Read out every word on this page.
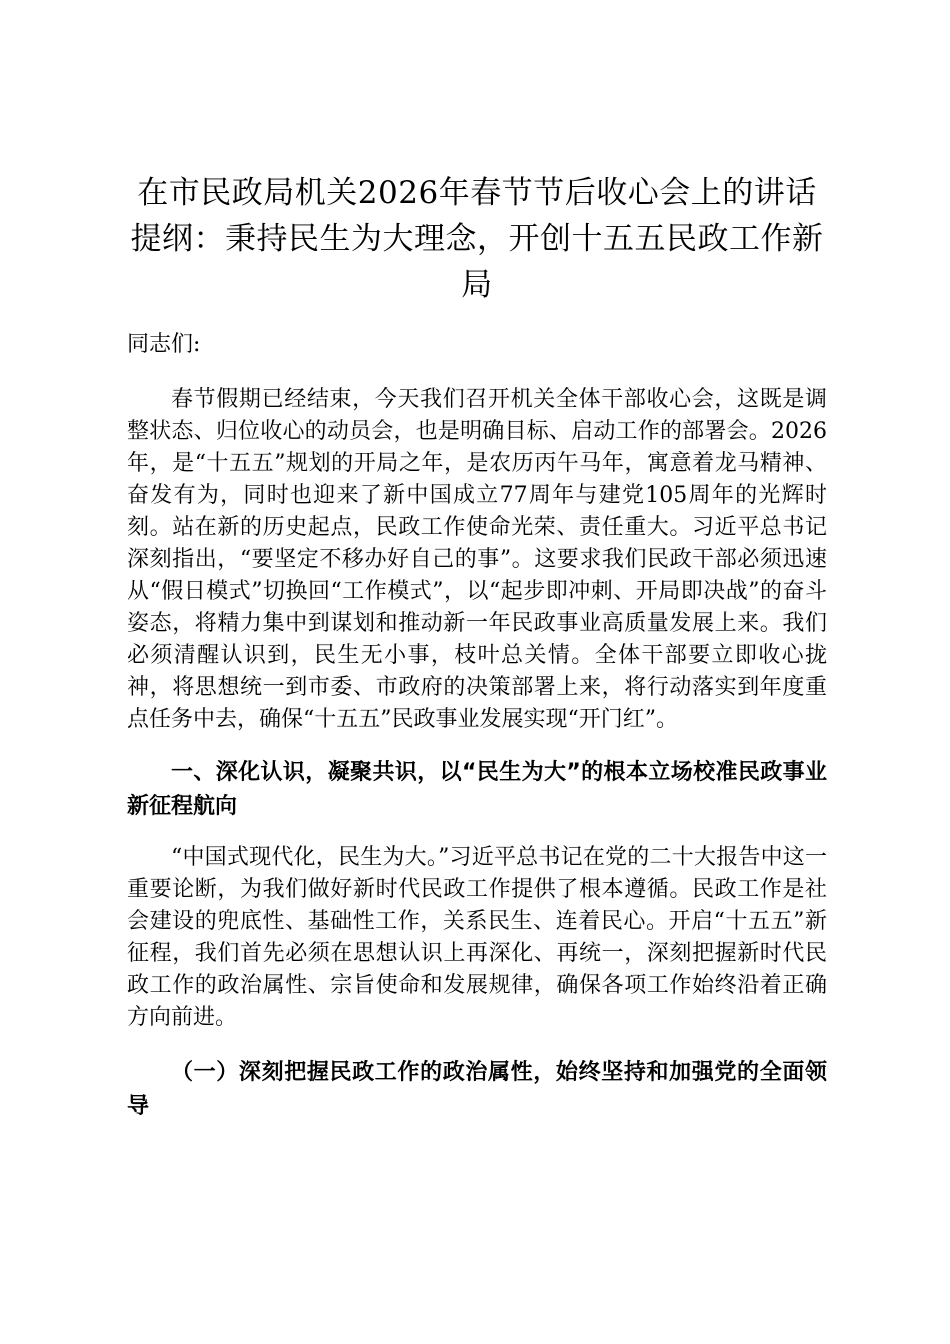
在市民政局机关2026年春节节后收心会上的讲话提纲：秉持民生为大理念，开创十五五民政工作新局

同志们:

春节假期已经结束，今天我们召开机关全体干部收心会，这既是调整状态、归位收心的动员会，也是明确目标、启动工作的部署会。2026年，是“十五五”规划的开局之年，是农历丙午马年，寓意着龙马精神、奋发有为，同时也迎来了新中国成立77周年与建党105周年的光辉时刻。站在新的历史起点，民政工作使命光荣、责任重大。习近平总书记深刻指出，“要坚定不移办好自己的事”。这要求我们民政干部必须迅速从“假日模式”切换回“工作模式”，以“起步即冲刺、开局即决战”的奋斗姿态，将精力集中到谋划和推动新一年民政事业高质量发展上来。我们必须清醒认识到，民生无小事，枝叶总关情。全体干部要立即收心拢神，将思想统一到市委、市政府的决策部署上来，将行动落实到年度重点任务中去，确保“十五五”民政事业发展实现“开门红”。

一、深化认识，凝聚共识，以“民生为大”的根本立场校准民政事业新征程航向

“中国式现代化，民生为大。”习近平总书记在党的二十大报告中这一重要论断，为我们做好新时代民政工作提供了根本遵循。民政工作是社会建设的兜底性、基础性工作，关系民生、连着民心。开启“十五五”新征程，我们首先必须在思想认识上再深化、再统一，深刻把握新时代民政工作的政治属性、宗旨使命和发展规律，确保各项工作始终沿着正确方向前进。

（一）深刻把握民政工作的政治属性，始终坚持和加强党的全面领导
